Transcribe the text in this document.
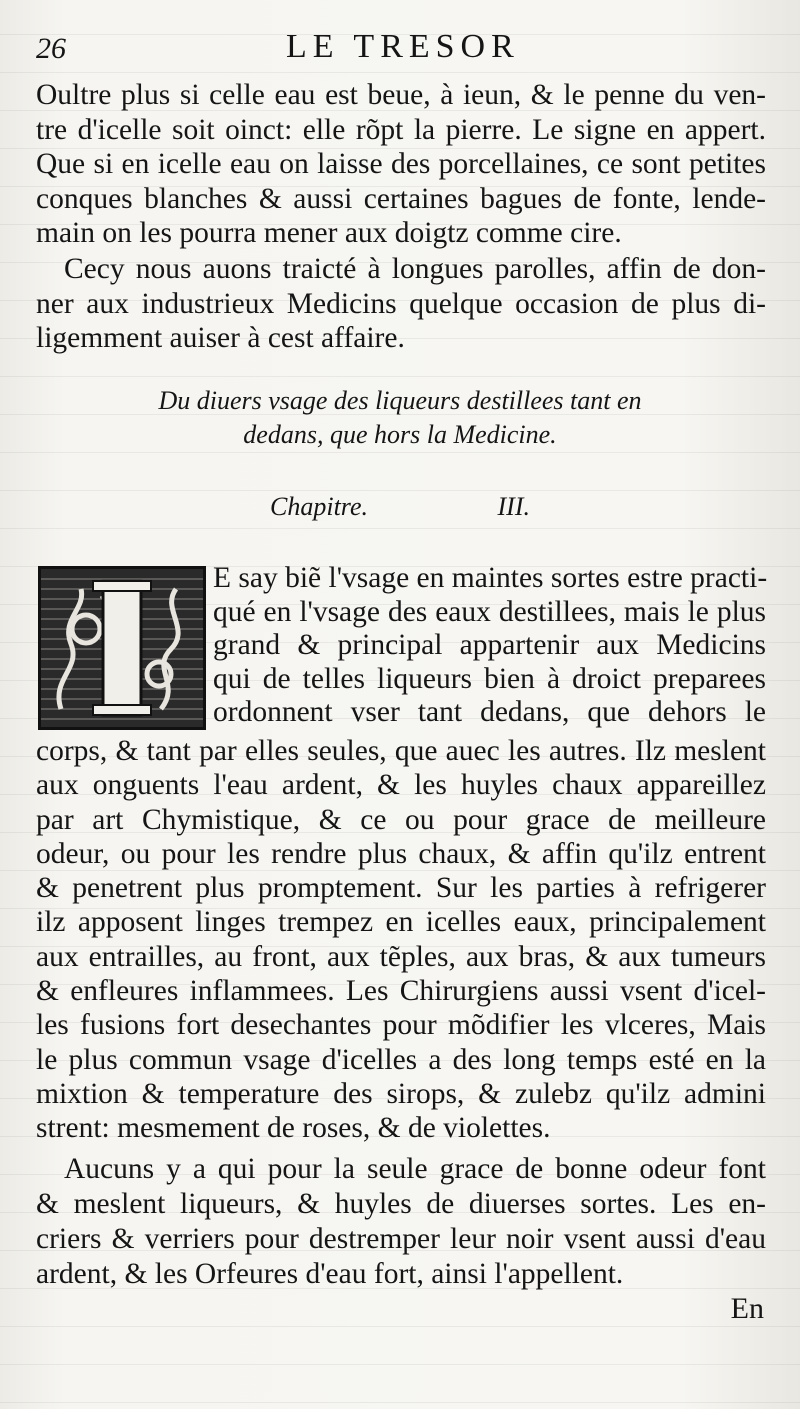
26	LE TRESOR
Oultre plus si celle eau est beue, à ieun, & le penne du ven-
tre d'icelle soit oinct: elle rõpt la pierre. Le signe en appert.
Que si en icelle eau on laisse des porcellaines, ce sont petites
conques blanches & aussi certaines bagues de fonte, lende-
main on les pourra mener aux doigtz comme cire.
Cecy nous auons traicté à longues parolles, affin de don-
ner aux industrieux Medicins quelque occasion de plus di-
ligemment auiser à cest affaire.
Du diuers vsage des liqueurs destillees tant en
dedans, que hors la Medicine.
Chapitre.	III.
E say biẽ l'vsage en maintes sortes estre practi-
qué en l'vsage des eaux destillees, mais le plus
grand & principal appartenir aux Medicins
qui de telles liqueurs bien à droict preparees
ordonnent vser tant dedans, que dehors le
corps, & tant par elles seules, que auec les autres. Ilz meslent
aux onguents l'eau ardent, & les huyles chaux appareillez
par art Chymistique, & ce ou pour grace de meilleure
odeur, ou pour les rendre plus chaux, & affin qu'ilz entrent
& penetrent plus promptement. Sur les parties à refrigerer
ilz apposent linges trempez en icelles eaux, principalement
aux entrailles, au front, aux tẽples, aux bras, & aux tumeurs
& enfleures inflammees. Les Chirurgiens aussi vsent d'icel-
les fusions fort desechantes pour mõdifier les vlceres, Mais
le plus commun vsage d'icelles a des long temps esté en la
mixtion & temperature des sirops, & zulebz qu'ilz admini
strent: mesmement de roses, & de violettes.
Aucuns y a qui pour la seule grace de bonne odeur font
& meslent liqueurs, & huyles de diuerses sortes. Les en-
criers & verriers pour destremper leur noir vsent aussi d'eau
ardent, & les Orfeures d'eau fort, ainsi l'appellent.
En
